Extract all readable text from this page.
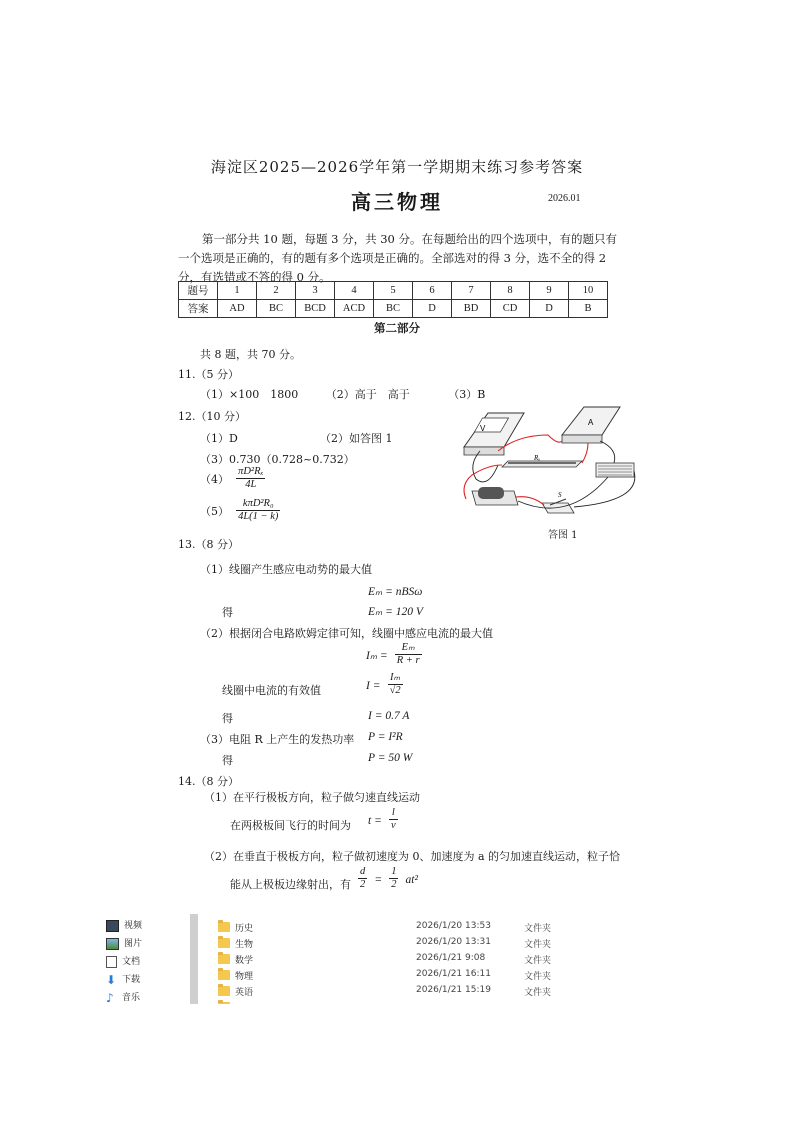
海淀区2025—2026学年第一学期期末练习参考答案
高三物理	2026.01
第一部分共 10 题，每题 3 分，共 30 分。在每题给出的四个选项中，有的题只有一个选项是正确的，有的题有多个选项是正确的。全部选对的得 3 分，选不全的得 2 分，有选错或不答的得 0 分。
题号	1	2	3	4	5	6	7	8	9	10
答案	AD	BC	BCD	ACD	BC	D	BD	CD	D	B
第二部分
共 8 题，共 70 分。
11.（5 分）
（1）×100　1800　　　（2）高于　高于　　　　（3）B
12.（10 分）
（1）D	（2）如答图 1
（3）0.730（0.728~0.732）
$(4) \frac{\text{πD²Rₓ}}{4L}$
$(5) \frac{\text{kπD²R₀}}{4L(1 - k)}$
V
A
Rₓ
S
答图 1
13.（8 分）
（1）线圈产生感应电动势的最大值
Eₘ = nBSω
得	Eₘ = 120 V
（2）根据闭合电路欧姆定律可知，线圈中感应电流的最大值
$I_m = \frac{\text{Eₘ}}{R + r}$
线圈中电流的有效值	$I = \frac{\text{Iₘ}}{√2}$
得	I = 0.7 A
（3）电阻 R 上产生的发热功率 P = I²R
得	P = 50 W
14.（8 分）
（1）在平行极板方向，粒子做匀速直线运动
在两极板间飞行的时间为 $t = \frac{l}{v}$
（2）在垂直于极板方向，粒子做初速度为 0、加速度为 a 的匀加速直线运动，粒子恰
能从上极板边缘射出，有 $\frac{d}{2} = \frac{1}{2} at^2$
视频
图片
文档
⬇ 下载
♪ 音乐
历史	2026/1/20 13:53	文件夹
生物	2026/1/20 13:31	文件夹
数学	2026/1/21 9:08	文件夹
物理	2026/1/21 16:11	文件夹
英语	2026/1/21 15:19	文件夹
